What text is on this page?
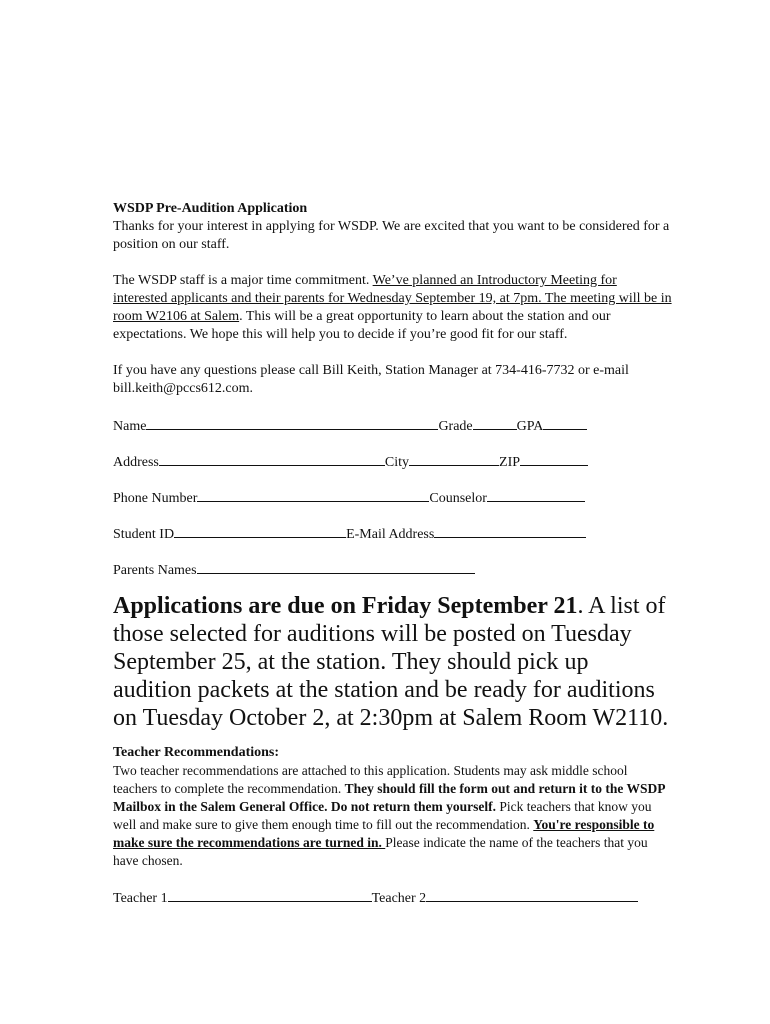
WSDP Pre-Audition Application

Thanks for your interest in applying for WSDP. We are excited that you want to be considered for a position on our staff.

The WSDP staff is a major time commitment. We’ve planned an Introductory Meeting for interested applicants and their parents for Wednesday September 19, at 7pm. The meeting will be in room W2106 at Salem. This will be a great opportunity to learn about the station and our expectations. We hope this will help you to decide if you’re good fit for our staff.

If you have any questions please call Bill Keith, Station Manager at 734-416-7732 or e-mail bill.keith@pccs612.com.

Name	Grade	GPA
Address	City	ZIP
Phone Number	Counselor
Student ID	E-Mail Address
Parents Names

Applications are due on Friday September 21. A list of those selected for auditions will be posted on Tuesday September 25, at the station. They should pick up audition packets at the station and be ready for auditions on Tuesday October 2, at 2:30pm at Salem Room W2110.

Teacher Recommendations:

Two teacher recommendations are attached to this application. Students may ask middle school teachers to complete the recommendation. They should fill the form out and return it to the WSDP Mailbox in the Salem General Office. Do not return them yourself. Pick teachers that know you well and make sure to give them enough time to fill out the recommendation. You're responsible to make sure the recommendations are turned in. Please indicate the name of the teachers that you have chosen.

Teacher 1	Teacher 2
